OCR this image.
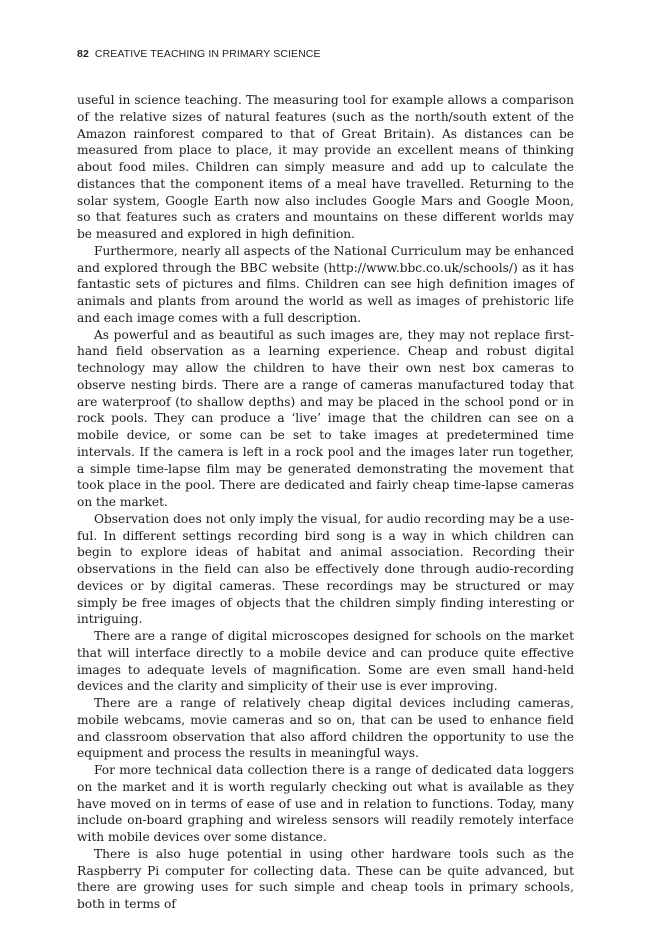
82 CREATIVE TEACHING IN PRIMARY SCIENCE

useful in science teaching. The measuring tool for example allows a comparison of the relative sizes of natural features (such as the north/south extent of the Amazon rainforest compared to that of Great Britain). As distances can be measured from place to place, it may provide an excellent means of thinking about food miles. Children can simply measure and add up to calculate the distances that the component items of a meal have travelled. Returning to the solar system, Google Earth now also includes Google Mars and Google Moon, so that features such as craters and mountains on these different worlds may be measured and explored in high definition.

Furthermore, nearly all aspects of the National Curriculum may be enhanced and explored through the BBC website (http://www.bbc.co.uk/schools/) as it has fantastic sets of pictures and films. Children can see high definition images of animals and plants from around the world as well as images of prehistoric life and each image comes with a full description.

As powerful and as beautiful as such images are, they may not replace first-hand field observation as a learning experience. Cheap and robust digital technology may allow the children to have their own nest box cameras to observe nesting birds. There are a range of cameras manufactured today that are waterproof (to shallow depths) and may be placed in the school pond or in rock pools. They can produce a ‘live’ image that the children can see on a mobile device, or some can be set to take images at predetermined time intervals. If the camera is left in a rock pool and the images later run together, a simple time-lapse film may be generated demonstrating the movement that took place in the pool. There are dedicated and fairly cheap time-lapse cameras on the market.

Observation does not only imply the visual, for audio recording may be a useful. In different settings recording bird song is a way in which children can begin to explore ideas of habitat and animal association. Recording their observations in the field can also be effectively done through audio-recording devices or by digital cameras. These recordings may be structured or may simply be free images of objects that the children simply finding interesting or intriguing.

There are a range of digital microscopes designed for schools on the market that will interface directly to a mobile device and can produce quite effective images to adequate levels of magnification. Some are even small hand-held devices and the clarity and simplicity of their use is ever improving.

There are a range of relatively cheap digital devices including cameras, mobile webcams, movie cameras and so on, that can be used to enhance field and classroom observation that also afford children the opportunity to use the equipment and process the results in meaningful ways.

For more technical data collection there is a range of dedicated data loggers on the market and it is worth regularly checking out what is available as they have moved on in terms of ease of use and in relation to functions. Today, many include on-board graphing and wireless sensors will readily remotely interface with mobile devices over some distance.

There is also huge potential in using other hardware tools such as the Raspberry Pi computer for collecting data. These can be quite advanced, but there are growing uses for such simple and cheap tools in primary schools, both in terms of
